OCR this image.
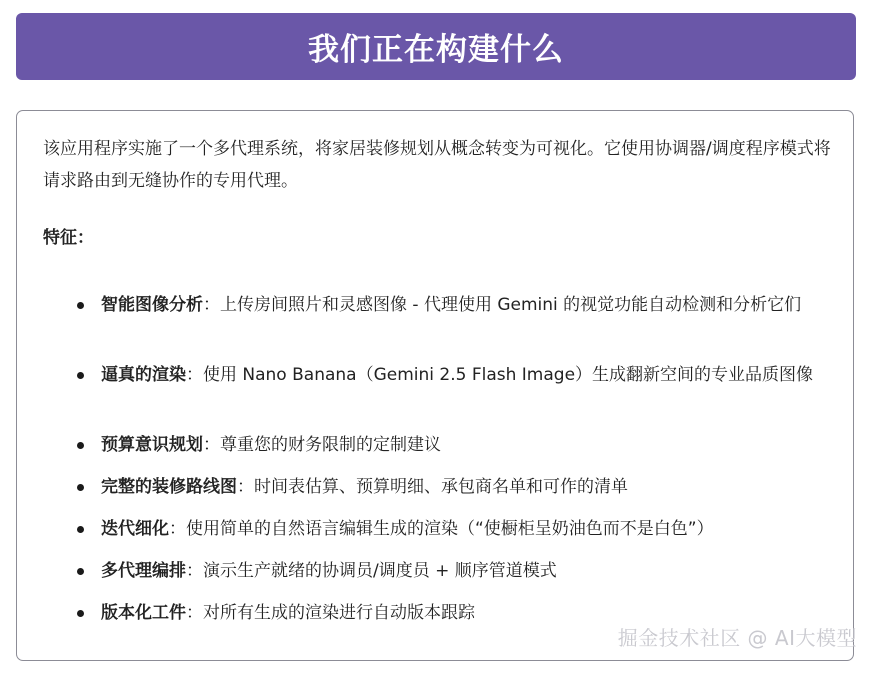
我们正在构建什么

该应用程序实施了一个多代理系统，将家居装修规划从概念转变为可视化。它使用协调器/调度程序模式将请求路由到无缝协作的专用代理。

特征：

智能图像分析：上传房间照片和灵感图像 - 代理使用 Gemini 的视觉功能自动检测和分析它们
逼真的渲染：使用 Nano Banana（Gemini 2.5 Flash Image）生成翻新空间的专业品质图像
预算意识规划：尊重您的财务限制的定制建议
完整的装修路线图：时间表估算、预算明细、承包商名单和可作的清单
迭代细化：使用简单的自然语言编辑生成的渲染（“使橱柜呈奶油色而不是白色”）
多代理编排：演示生产就绪的协调员/调度员 + 顺序管道模式
版本化工件：对所有生成的渲染进行自动版本跟踪
掘金技术社区 @ AI大模型
